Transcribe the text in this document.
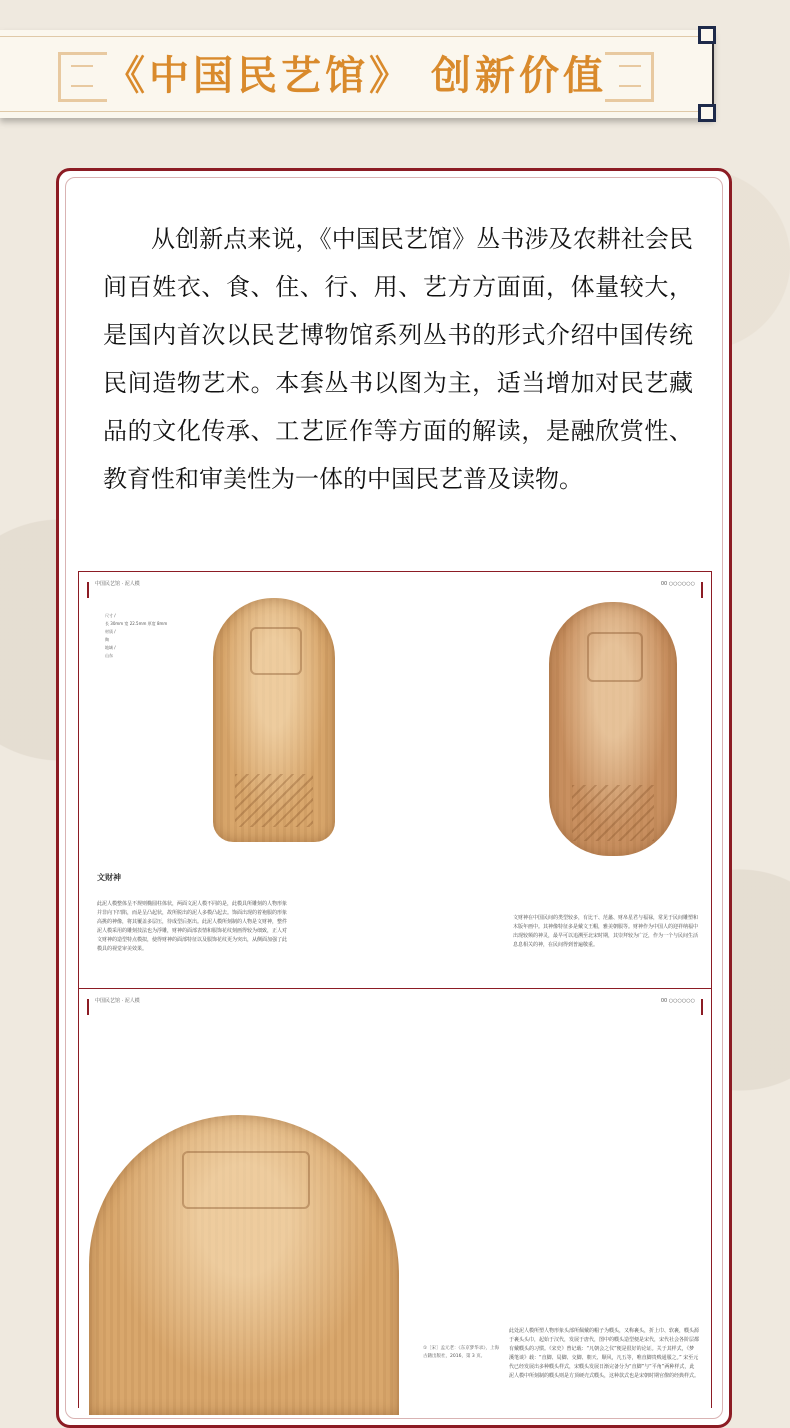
《中国民艺馆》 创新价值

从创新点来说，《中国民艺馆》丛书涉及农耕社会民间百姓衣、食、住、行、用、艺方方面面，体量较大，是国内首次以民艺博物馆系列丛书的形式介绍中国传统民间造物艺术。本套丛书以图为主，适当增加对民艺藏品的文化传承、工艺匠作等方面的解读，是融欣赏性、教育性和审美性为一体的中国民艺普及读物。

中国民艺馆 · 泥人模	00 ○○○○○○
尺寸 /
长 30mm 宽 22.5mm 厚度 8mm
材质 /
陶
地域 /
山东
文财神
此泥人模整体呈不规则椭圆柱体状，两面文泥人模不同的是，此模具所雕刻的人物形象并非向下凹陷，而是呈凸起状，故所脱出的泥人多模凸起去。饰面出现的着袍服的形象高挑的神像，将其覆盖多层压，待成型后抠出。此泥人模所刻制的人物是文财神，整件泥人模采用的雕刻技法也为浮雕，财神的面部表情和服饰花纹刻画得较为细致，正人对文财神的造型特点模拟，使得财神的面部特征以及服饰花纹更为突出，从侧面加强了此模具的视觉审美效果。
文财神在中国民间的类型较多，有比干、范蠡、财帛星君与福禄，常见于民间雕塑和木版年画中。其神像特征多是戴文王帽，雅美朝服等。财神作为中国人的迎祥纳福中出现较频的神灵，最早可以追溯至北宋时期，其崇拜较为广泛，作为一个与民间生活息息相关的神，在民间得到普遍敬重。
中国民艺馆 · 泥人模	00 ○○○○○○
①［宋］孟元老：《东京梦华录》，上海古籍出版社，2016，第 3 页。
此处泥人模所塑人物形象头部所佩戴的帽子为幞头，又称裹头，折上巾、软裹，幞头源于裹头头巾，起始于汉代，发展于唐代，图中的幞头造型便是宋代，宋代社会各阶层都有戴幞头的习惯。《宋史》曾记载：“凡朝会之仪”便是很好的论证。关于其样式，《梦溪笔谈》载：“直脚、局脚、交脚、朝天、顺风，凡五等，唯直脚贵贱通服之。” 宋至元代已经发展出多种幞头样式，宋幞头发展日渐完备分为“直脚”与“平角”两种样式，此泥人模中所刻制的幞头则是方顶硬壳式幞头，这种款式也是宋朝时期官僚的经典样式。
